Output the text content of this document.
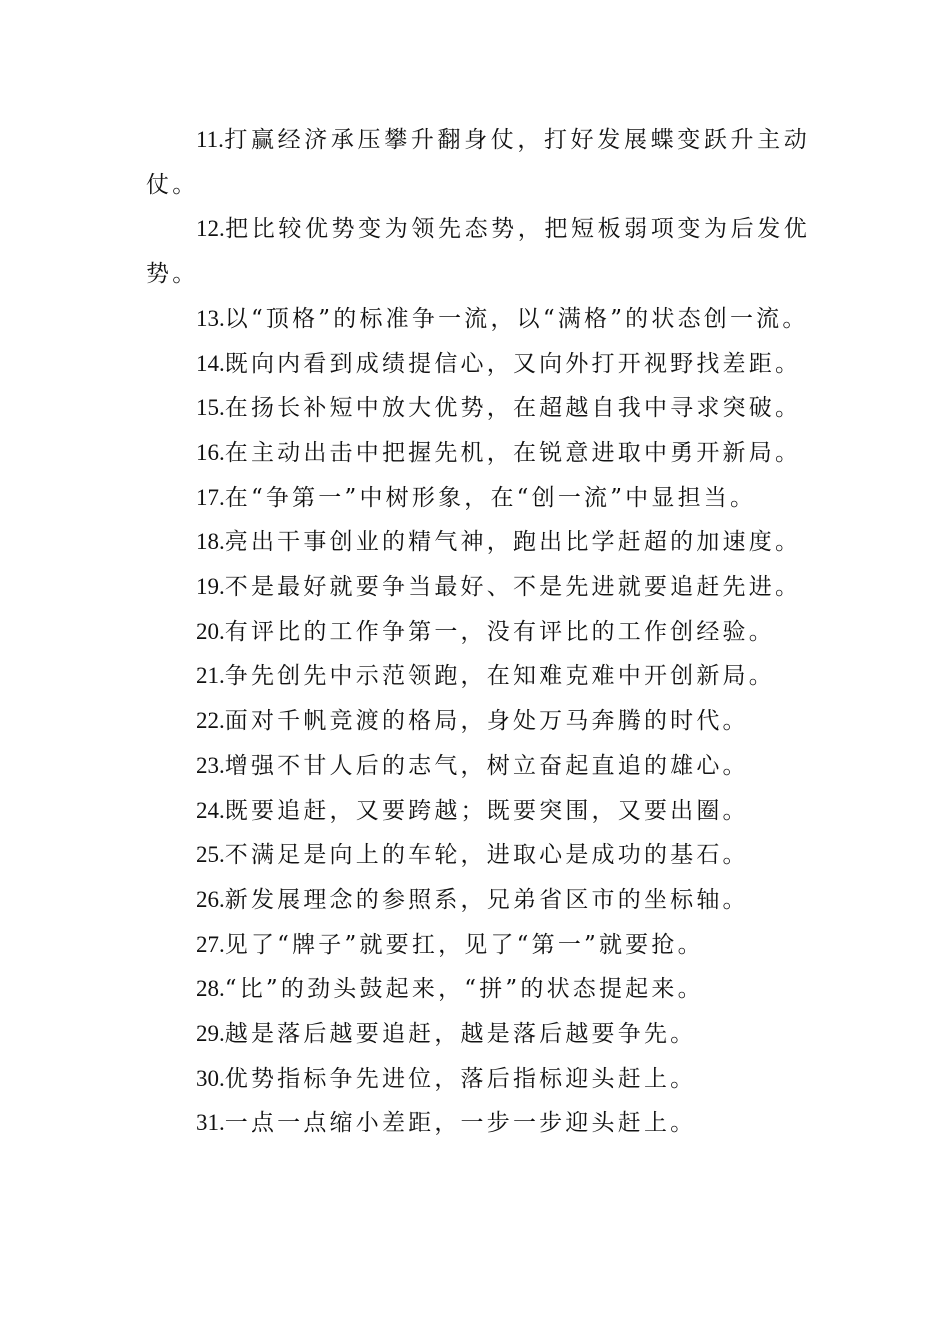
11.打赢经济承压攀升翻身仗，打好发展蝶变跃升主动仗。

12.把比较优势变为领先态势，把短板弱项变为后发优势。

13.以“顶格”的标准争一流，以“满格”的状态创一流。

14.既向内看到成绩提信心，又向外打开视野找差距。

15.在扬长补短中放大优势，在超越自我中寻求突破。

16.在主动出击中把握先机，在锐意进取中勇开新局。

17.在“争第一”中树形象，在“创一流”中显担当。

18.亮出干事创业的精气神，跑出比学赶超的加速度。

19.不是最好就要争当最好、不是先进就要追赶先进。

20.有评比的工作争第一，没有评比的工作创经验。

21.争先创先中示范领跑，在知难克难中开创新局。

22.面对千帆竞渡的格局，身处万马奔腾的时代。

23.增强不甘人后的志气，树立奋起直追的雄心。

24.既要追赶，又要跨越；既要突围，又要出圈。

25.不满足是向上的车轮，进取心是成功的基石。

26.新发展理念的参照系，兄弟省区市的坐标轴。

27.见了“牌子”就要扛，见了“第一”就要抢。

28.“比”的劲头鼓起来，“拼”的状态提起来。

29.越是落后越要追赶，越是落后越要争先。

30.优势指标争先进位，落后指标迎头赶上。

31.一点一点缩小差距，一步一步迎头赶上。
